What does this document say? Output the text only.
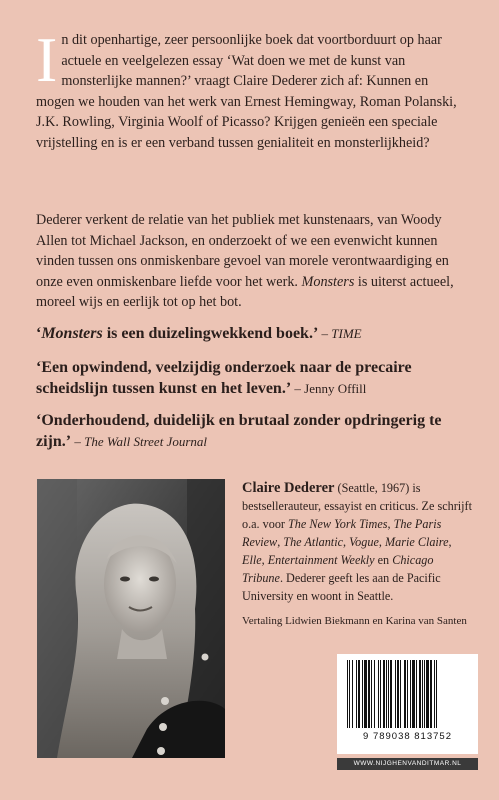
In dit openhartige, zeer persoonlijke boek dat voortborduurt op haar actuele en veelgelezen essay ‘Wat doen we met de kunst van monsterlijke mannen?’ vraagt Claire Dederer zich af: Kunnen en mogen we houden van het werk van Ernest Hemingway, Roman Polanski, J.K. Rowling, Virginia Woolf of Picasso? Krijgen genieën een speciale vrijstelling en is er een verband tussen genialiteit en monsterlijkheid?
Dederer verkent de relatie van het publiek met kunstenaars, van Woody Allen tot Michael Jackson, en onderzoekt of we een evenwicht kunnen vinden tussen ons onmiskenbare gevoel van morele verontwaardiging en onze even onmiskenbare liefde voor het werk. Monsters is uiterst actueel, moreel wijs en eerlijk tot op het bot.
‘Monsters is een duizelingwekkend boek.’ – TIME
‘Een opwindend, veelzijdig onderzoek naar de precaire scheidslijn tussen kunst en het leven.’ – Jenny Offill
‘Onderhoudend, duidelijk en brutaal zonder opdringerig te zijn.’ – The Wall Street Journal
Claire Dederer (Seattle, 1967) is bestsellerauteur, essayist en criticus. Ze schrijft o.a. voor The New York Times, The Paris Review, The Atlantic, Vogue, Marie Claire, Elle, Entertainment Weekly en Chicago Tribune. Dederer geeft les aan de Pacific University en woont in Seattle.
Vertaling Lidwien Biekmann en Karina van Santen
9 789038 813752
WWW.NIJGHENVANDITMAR.NL
